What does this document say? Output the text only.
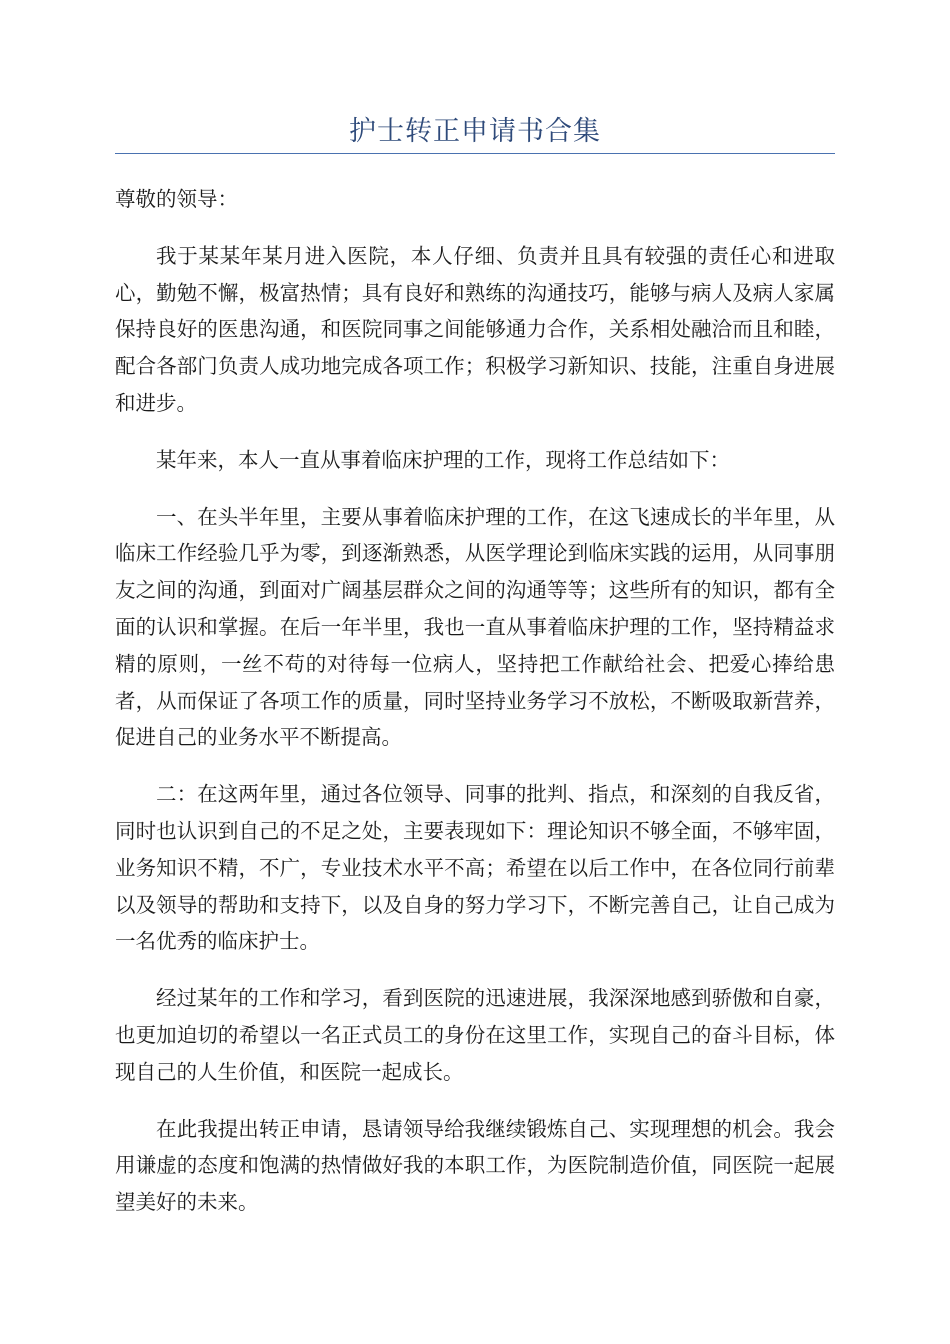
护士转正申请书合集

尊敬的领导：

我于某某年某月进入医院，本人仔细、负责并且具有较强的责任心和进取心，勤勉不懈，极富热情；具有良好和熟练的沟通技巧，能够与病人及病人家属保持良好的医患沟通，和医院同事之间能够通力合作，关系相处融洽而且和睦，配合各部门负责人成功地完成各项工作；积极学习新知识、技能，注重自身进展和进步。

某年来，本人一直从事着临床护理的工作，现将工作总结如下：

一、在头半年里，主要从事着临床护理的工作，在这飞速成长的半年里，从临床工作经验几乎为零，到逐渐熟悉，从医学理论到临床实践的运用，从同事朋友之间的沟通，到面对广阔基层群众之间的沟通等等；这些所有的知识，都有全面的认识和掌握。在后一年半里，我也一直从事着临床护理的工作，坚持精益求精的原则，一丝不苟的对待每一位病人，坚持把工作献给社会、把爱心捧给患者，从而保证了各项工作的质量，同时坚持业务学习不放松，不断吸取新营养，促进自己的业务水平不断提高。

二：在这两年里，通过各位领导、同事的批判、指点，和深刻的自我反省，同时也认识到自己的不足之处，主要表现如下：理论知识不够全面，不够牢固，业务知识不精，不广，专业技术水平不高；希望在以后工作中，在各位同行前辈以及领导的帮助和支持下，以及自身的努力学习下，不断完善自己，让自己成为一名优秀的临床护士。

经过某年的工作和学习，看到医院的迅速进展，我深深地感到骄傲和自豪，也更加迫切的希望以一名正式员工的身份在这里工作，实现自己的奋斗目标，体现自己的人生价值，和医院一起成长。

在此我提出转正申请，恳请领导给我继续锻炼自己、实现理想的机会。我会用谦虚的态度和饱满的热情做好我的本职工作，为医院制造价值，同医院一起展望美好的未来。
